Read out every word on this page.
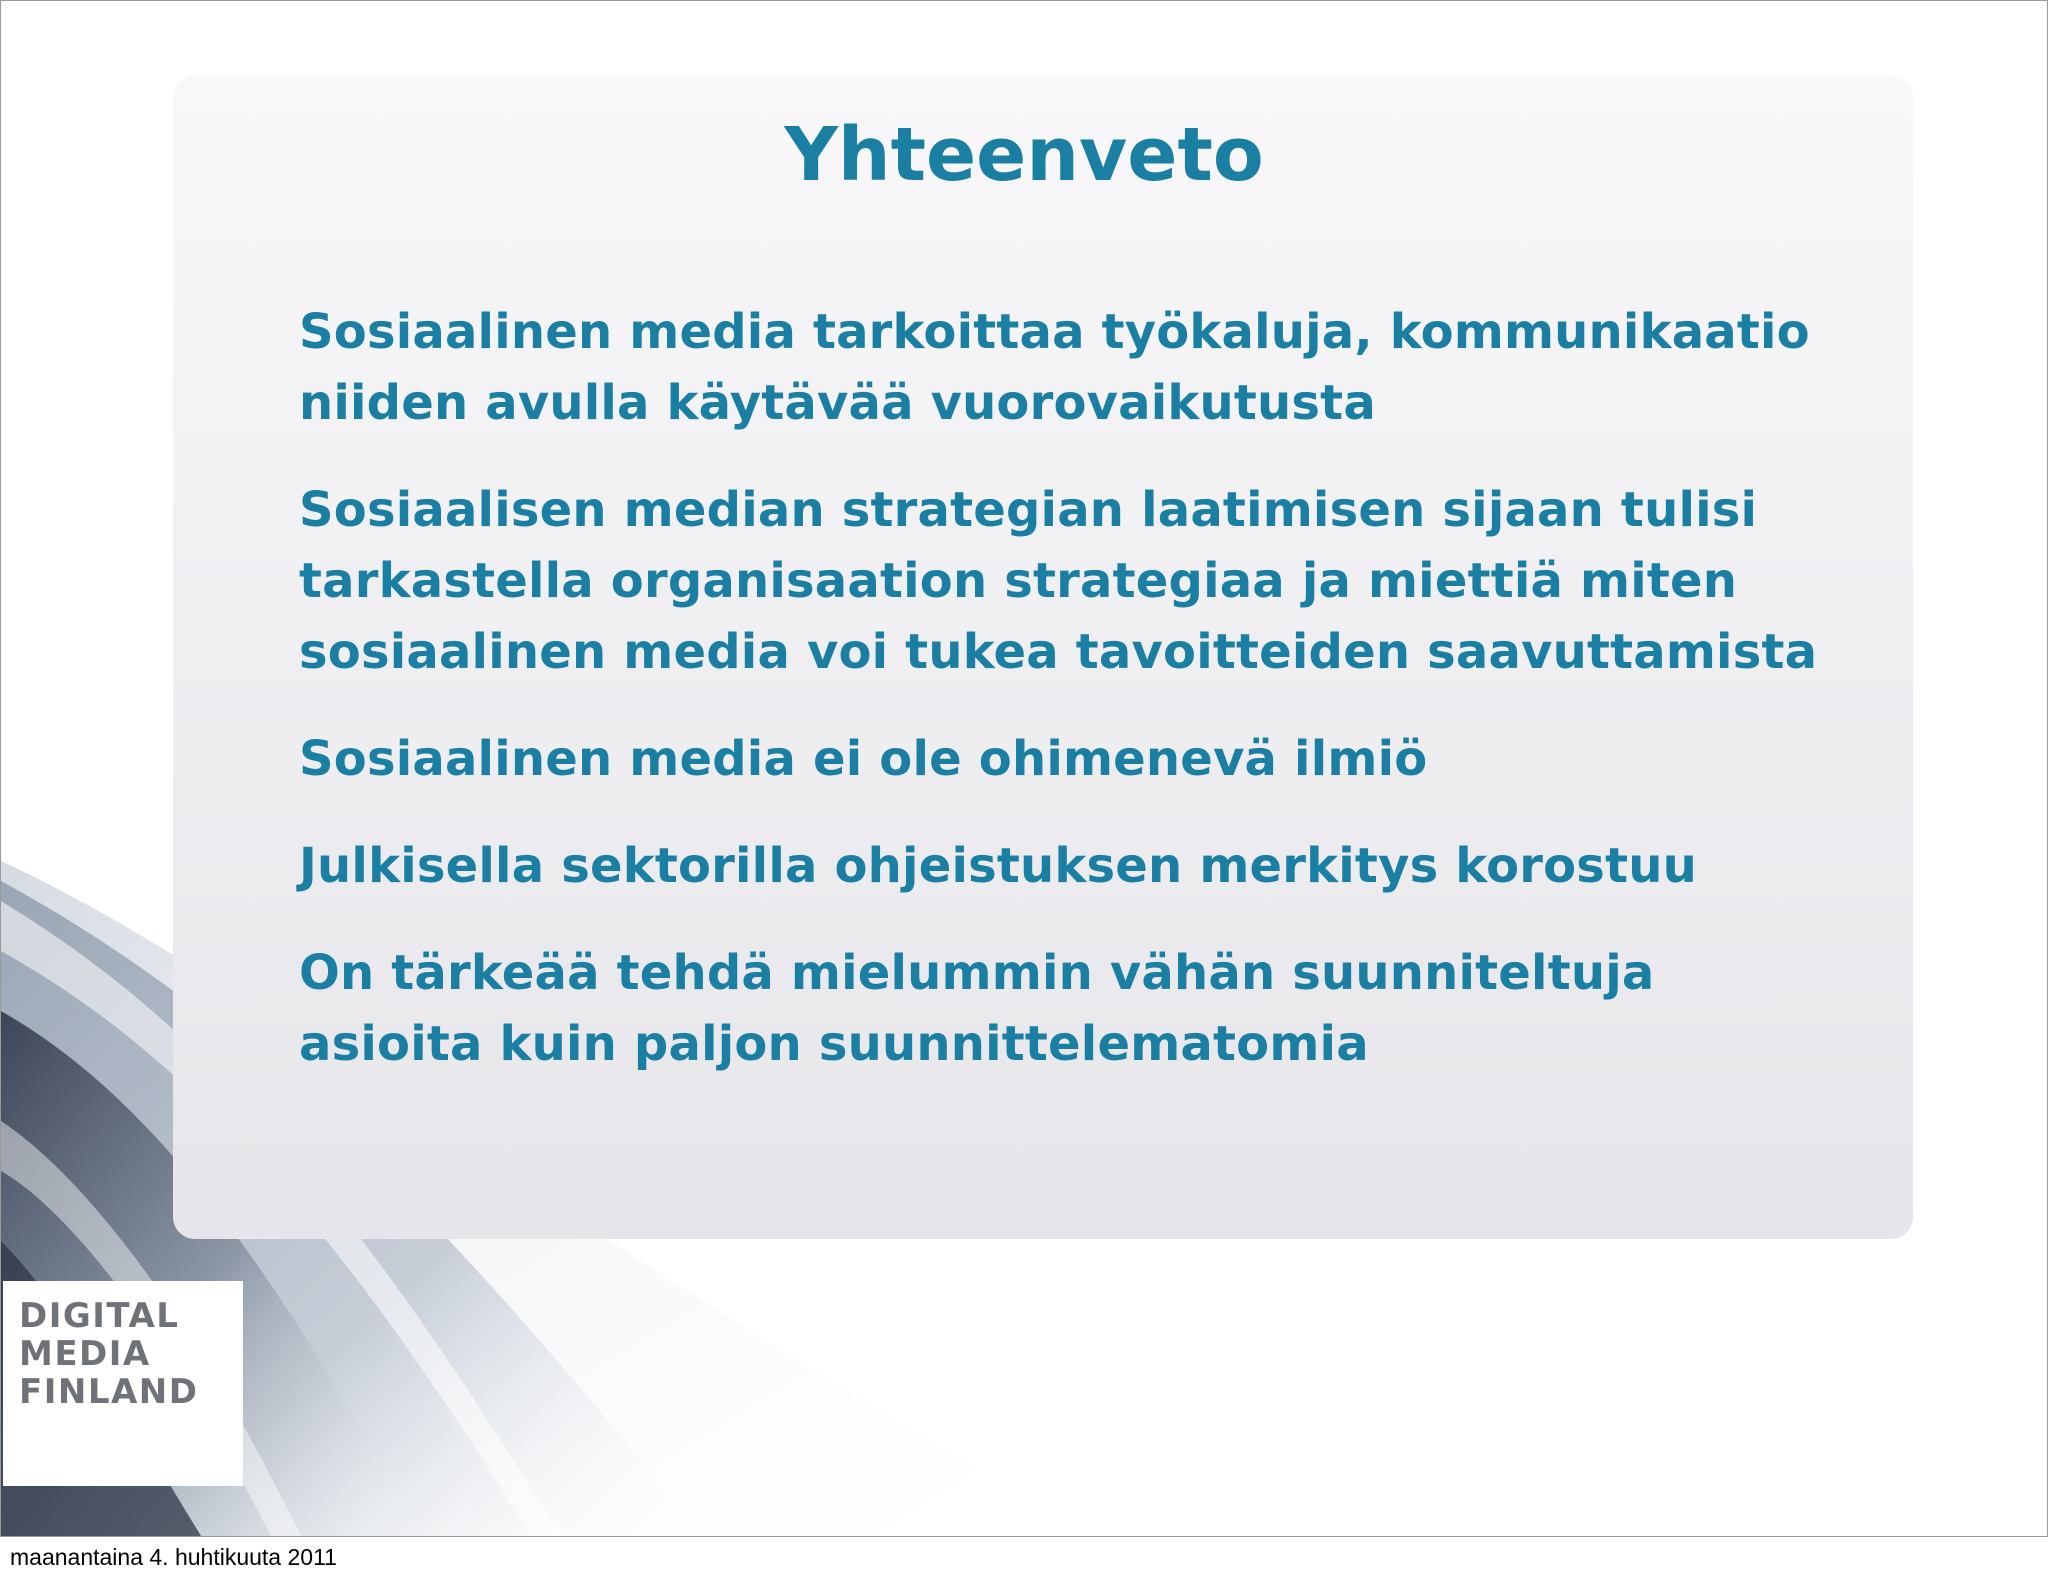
Yhteenveto
Sosiaalinen media tarkoittaa työkaluja, kommunikaatio
niiden avulla käytävää vuorovaikutusta
Sosiaalisen median strategian laatimisen sijaan tulisi
tarkastella organisaation strategiaa ja miettiä miten
sosiaalinen media voi tukea tavoitteiden saavuttamista
Sosiaalinen media ei ole ohimenevä ilmiö
Julkisella sektorilla ohjeistuksen merkitys korostuu
On tärkeää tehdä mielummin vähän suunniteltuja
asioita kuin paljon suunnittelematomia

DIGITAL
MEDIA
FINLAND

maanantaina 4. huhtikuuta 2011
